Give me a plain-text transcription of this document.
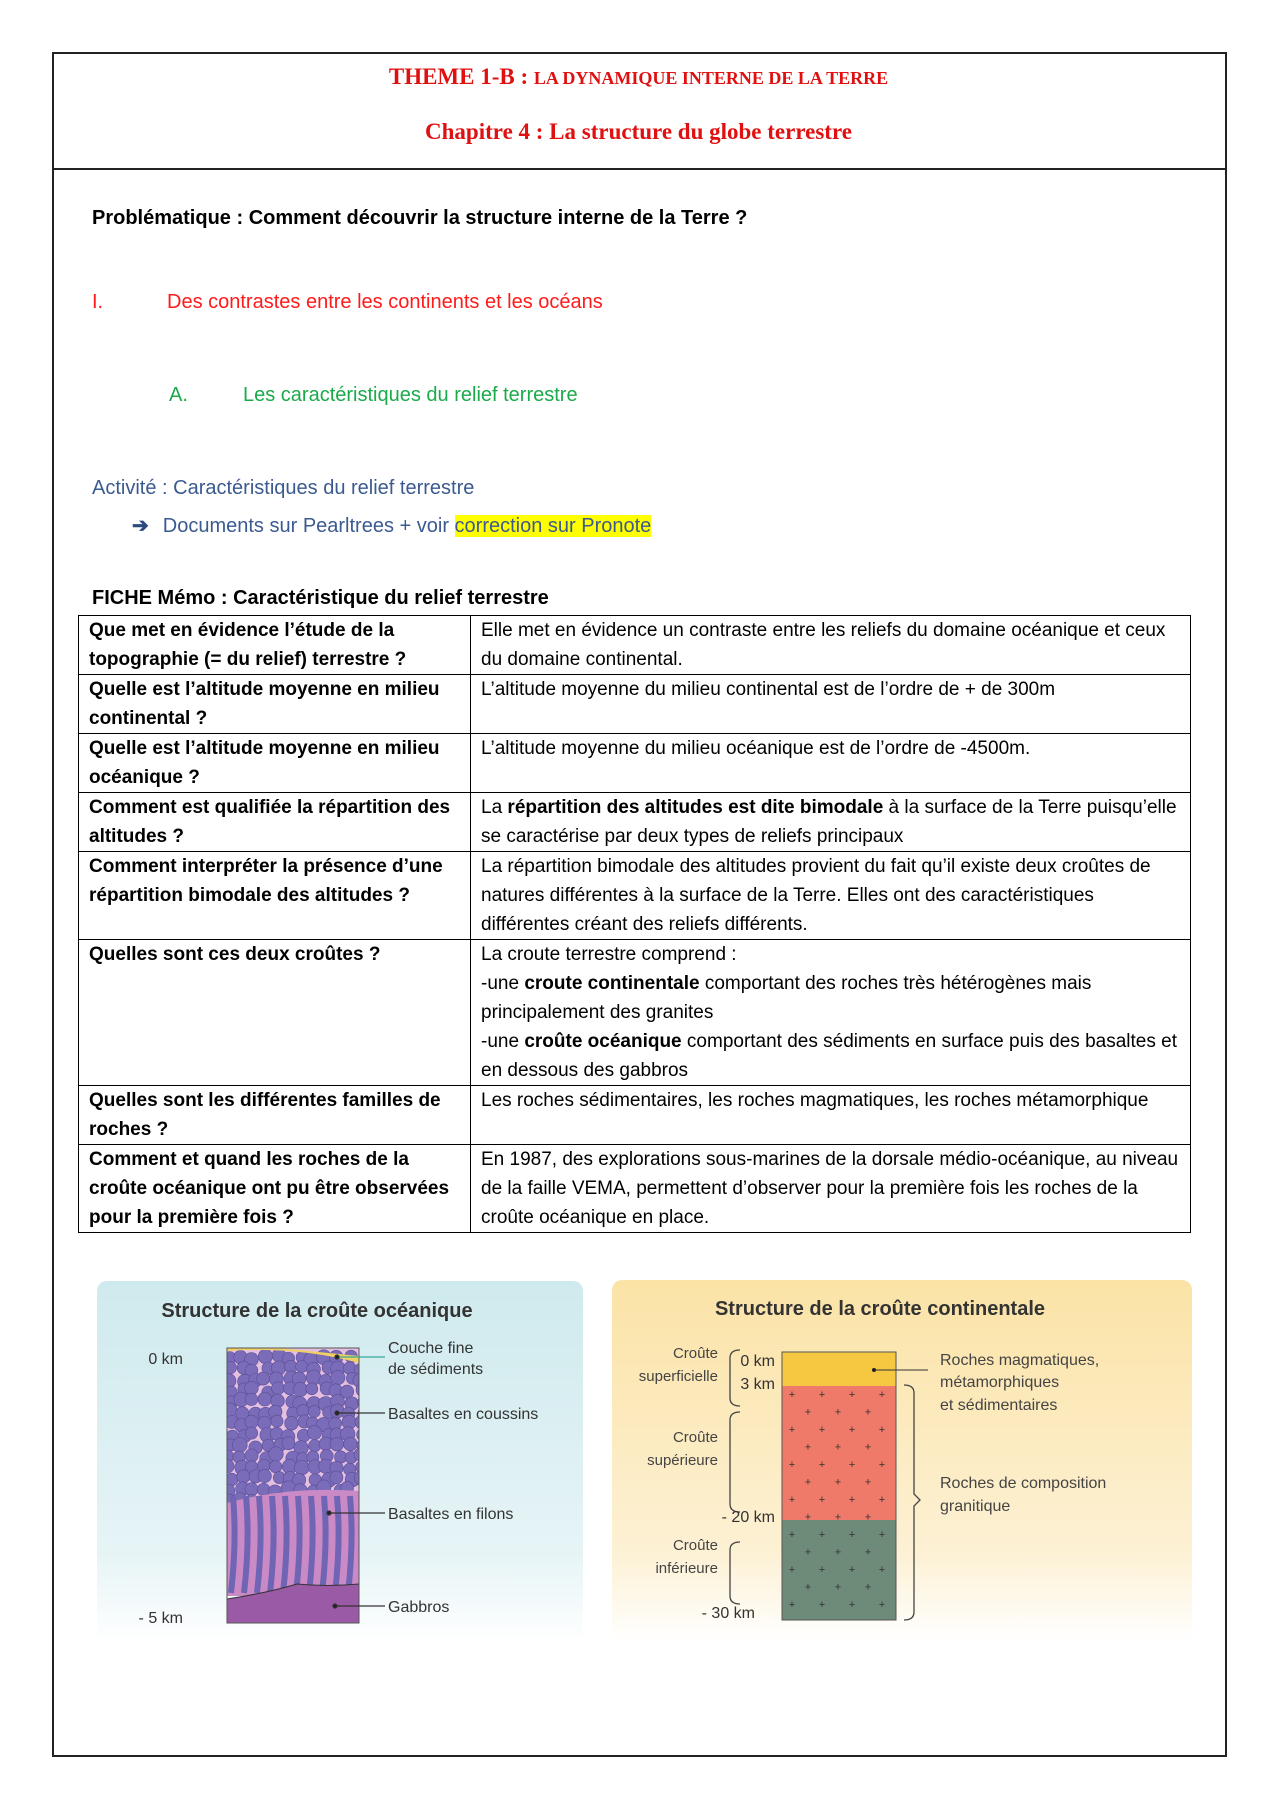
THEME 1-B : LA DYNAMIQUE INTERNE DE LA TERRE
Chapitre 4 : La structure du globe terrestre
Problématique : Comment découvrir la structure interne de la Terre ?
I.	Des contrastes entre les continents et les océans
A.	Les caractéristiques du relief terrestre
Activité : Caractéristiques du relief terrestre
➔ Documents sur Pearltrees + voir correction sur Pronote
FICHE Mémo : Caractéristique du relief terrestre
Que met en évidence l’étude de la topographie (= du relief) terrestre ?	Elle met en évidence un contraste entre les reliefs du domaine océanique et ceux du domaine continental.

Quelle est l’altitude moyenne en milieu continental ?	L’altitude moyenne du milieu continental est de l’ordre de + de 300m

Quelle est l’altitude moyenne en milieu océanique ?	L’altitude moyenne du milieu océanique est de l’ordre de -4500m.

Comment est qualifiée la répartition des altitudes ?	La répartition des altitudes est dite bimodale à la surface de la Terre puisqu’elle se caractérise par deux types de reliefs principaux

Comment interpréter la présence d’une répartition bimodale des altitudes ?	La répartition bimodale des altitudes provient du fait qu’il existe deux croûtes de natures différentes à la surface de la Terre. Elles ont des caractéristiques différentes créant des reliefs différents.

Quelles sont ces deux croûtes ?	La croute terrestre comprend :
-une croute continentale comportant des roches très hétérogènes mais principalement des granites
-une croûte océanique comportant des sédiments en surface puis des basaltes et en dessous des gabbros

Quelles sont les différentes familles de roches ?	Les roches sédimentaires, les roches magmatiques, les roches métamorphique

Comment et quand les roches de la croûte océanique ont pu être observées pour la première fois ?	En 1987, des explorations sous-marines de la dorsale médio-océanique, au niveau de la faille VEMA, permettent d’observer pour la première fois les roches de la croûte océanique en place.
Structure de la croûte océanique
0 km
- 5 km
Couche fine
de sédiments
Basaltes en coussins
Basaltes en filons
Gabbros
Structure de la croûte continentale
+ + + +
+ + +
+ + + +
+ + +
+ + + +
+ + +
+ + + +
+ + +
+ + + +
+ + +
+ + + +
+ + +
+ + + +
Croûte
superficielle
Croûte
supérieure
Croûte
inférieure
0 km
3 km
- 20 km
- 30 km
Roches magmatiques,
métamorphiques
et sédimentaires
Roches de composition
granitique
